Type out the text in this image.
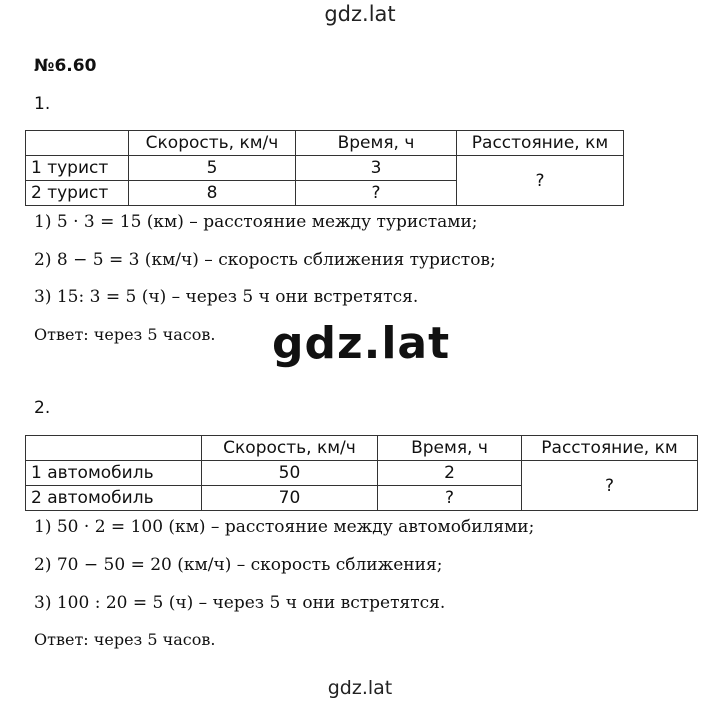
gdz.lat
№6.60
1.
	Скорость, км/ч	Время, ч	Расстояние, км
1 турист	5	3	?
2 турист	8	?	
1) 5 · 3 = 15 (км) – расстояние между туристами;
2) 8 − 5 = 3 (км/ч) – скорость сближения туристов;
3) 15: 3 = 5 (ч) – через 5 ч они встретятся.
Ответ: через 5 часов. gdz.lat
2.
	Скорость, км/ч	Время, ч	Расстояние, км
1 автомобиль	50	2	?
2 автомобиль	70	?	
1) 50 · 2 = 100 (км) – расстояние между автомобилями;
2) 70 − 50 = 20 (км/ч) – скорость сближения;
3) 100 : 20 = 5 (ч) – через 5 ч они встретятся.
Ответ: через 5 часов.
gdz.lat
